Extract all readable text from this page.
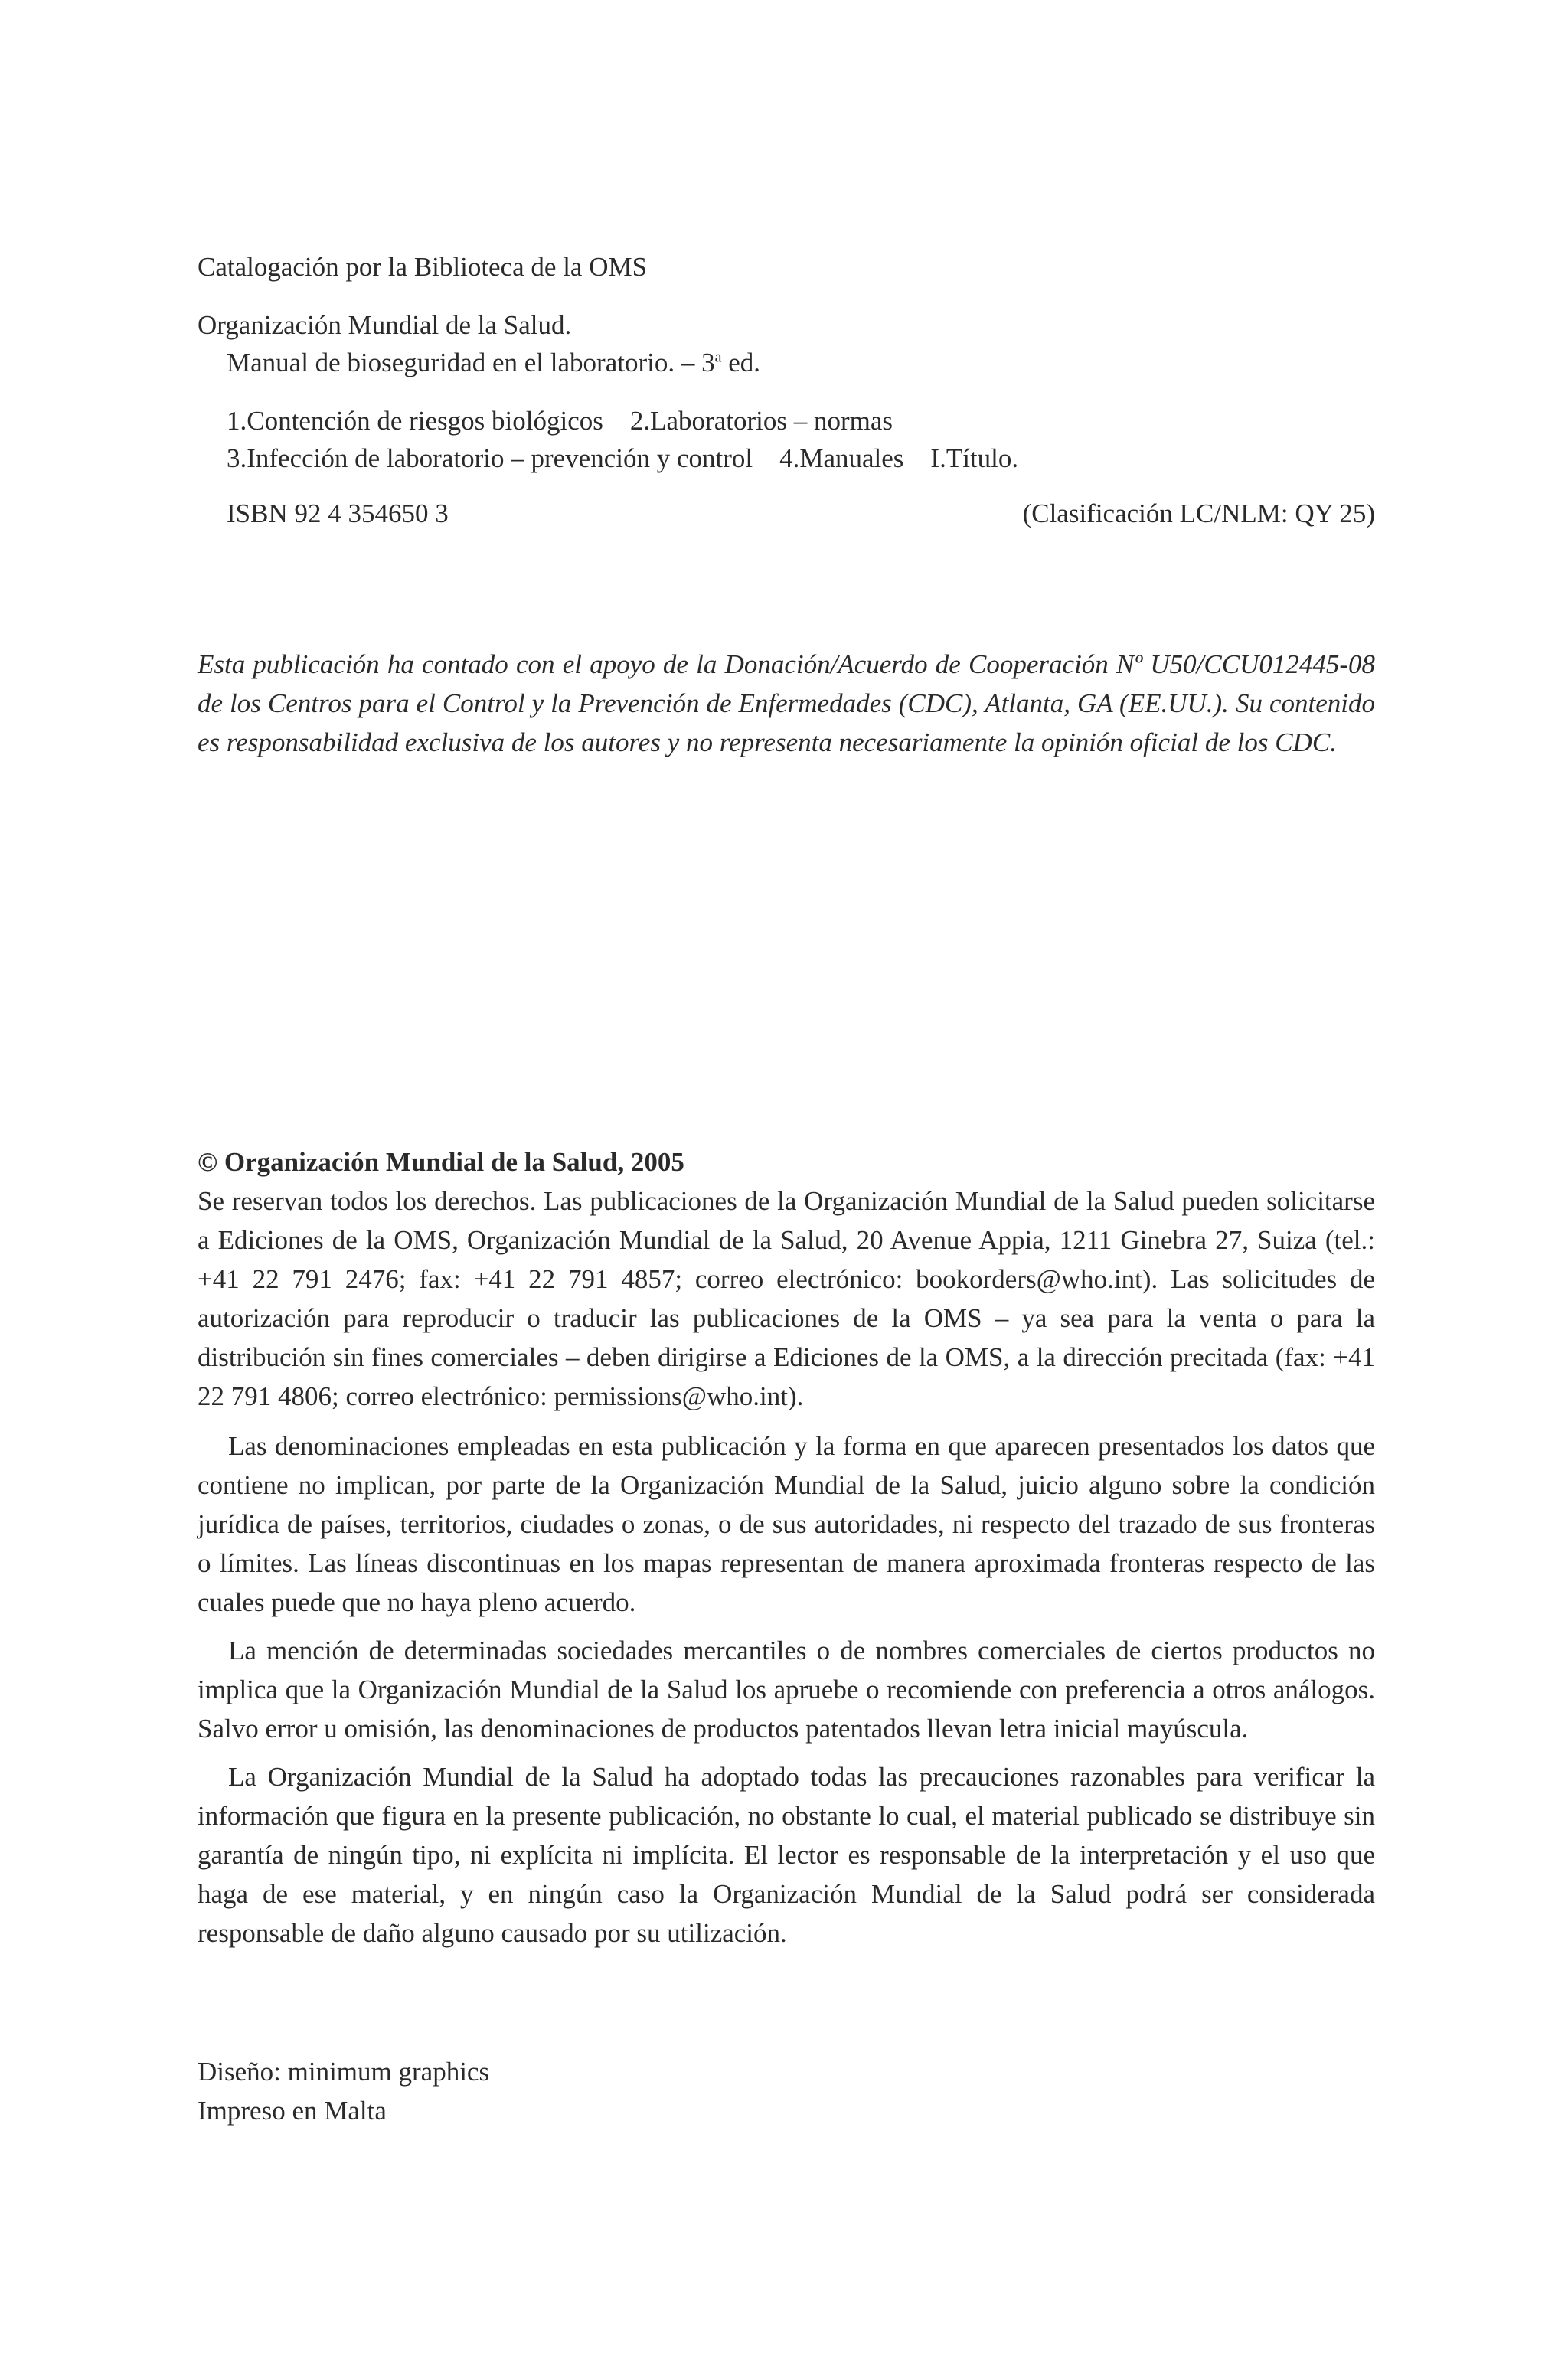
Catalogación por la Biblioteca de la OMS
Organización Mundial de la Salud.
Manual de bioseguridad en el laboratorio. – 3$^a$ ed.
1.Contención de riesgos biológicos    2.Laboratorios – normas
3.Infección de laboratorio – prevención y control    4.Manuales    I.Título.
ISBN 92 4 354650 3	(Clasificación LC/NLM: QY 25)
Esta publicación ha contado con el apoyo de la Donación/Acuerdo de Cooperación Nº U50/CCU012445-08 de los Centros para el Control y la Prevención de Enfermedades (CDC), Atlanta, GA (EE.UU.). Su contenido es responsabilidad exclusiva de los autores y no representa necesariamente la opinión oficial de los CDC.
© Organización Mundial de la Salud, 2005

Se reservan todos los derechos. Las publicaciones de la Organización Mundial de la Salud pueden solicitarse a Ediciones de la OMS, Organización Mundial de la Salud, 20 Avenue Appia, 1211 Ginebra 27, Suiza (tel.: +41 22 791 2476; fax: +41 22 791 4857; correo electrónico: bookorders@who.int). Las solicitudes de autorización para reproducir o traducir las publicaciones de la OMS – ya sea para la venta o para la distribución sin fines comerciales – deben dirigirse a Ediciones de la OMS, a la dirección precitada (fax: +41 22 791 4806; correo electrónico: permissions@who.int).

Las denominaciones empleadas en esta publicación y la forma en que aparecen presentados los datos que contiene no implican, por parte de la Organización Mundial de la Salud, juicio alguno sobre la condición jurídica de países, territorios, ciudades o zonas, o de sus autoridades, ni respecto del trazado de sus fronteras o límites. Las líneas discontinuas en los mapas representan de manera aproximada fronteras respecto de las cuales puede que no haya pleno acuerdo.

La mención de determinadas sociedades mercantiles o de nombres comerciales de ciertos productos no implica que la Organización Mundial de la Salud los apruebe o recomiende con preferencia a otros análogos. Salvo error u omisión, las denominaciones de productos patentados llevan letra inicial mayúscula.

La Organización Mundial de la Salud ha adoptado todas las precauciones razonables para verificar la información que figura en la presente publicación, no obstante lo cual, el material publicado se distribuye sin garantía de ningún tipo, ni explícita ni implícita. El lector es responsable de la interpretación y el uso que haga de ese material, y en ningún caso la Organización Mundial de la Salud podrá ser considerada responsable de daño alguno causado por su utilización.

Diseño: minimum graphics
Impreso en Malta
